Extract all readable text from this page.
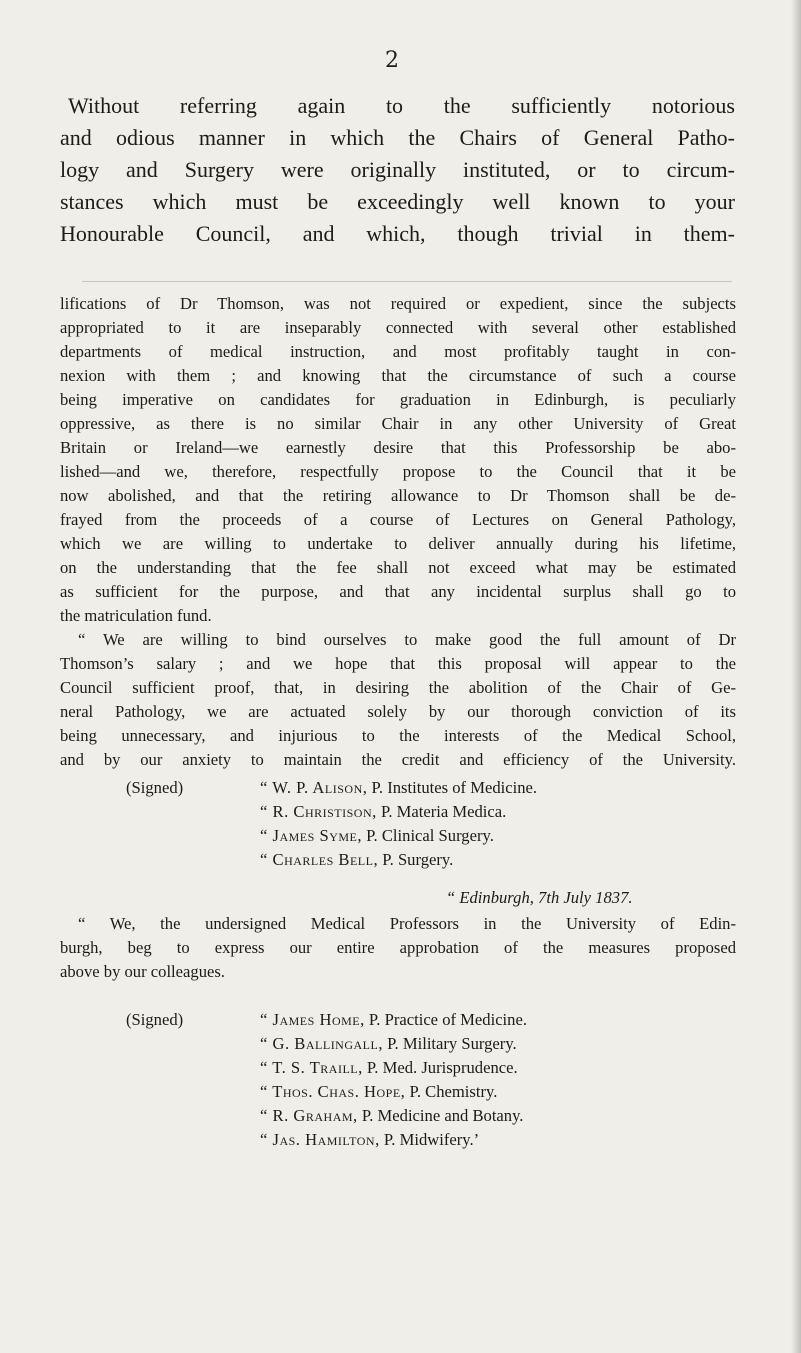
2
Without referring again to the sufficiently notorious
and odious manner in which the Chairs of General Patho-
logy and Surgery were originally instituted, or to circum-
stances which must be exceedingly well known to your
Honourable Council, and which, though trivial in them-
lifications of Dr Thomson, was not required or expedient, since the subjects
appropriated to it are inseparably connected with several other established
departments of medical instruction, and most profitably taught in con-
nexion with them ; and knowing that the circumstance of such a course
being imperative on candidates for graduation in Edinburgh, is peculiarly
oppressive, as there is no similar Chair in any other University of Great
Britain or Ireland—we earnestly desire that this Professorship be abo-
lished—and we, therefore, respectfully propose to the Council that it be
now abolished, and that the retiring allowance to Dr Thomson shall be de-
frayed from the proceeds of a course of Lectures on General Pathology,
which we are willing to undertake to deliver annually during his lifetime,
on the understanding that the fee shall not exceed what may be estimated
as sufficient for the purpose, and that any incidental surplus shall go to
the matriculation fund.
“ We are willing to bind ourselves to make good the full amount of Dr
Thomson’s salary ; and we hope that this proposal will appear to the
Council sufficient proof, that, in desiring the abolition of the Chair of Ge-
neral Pathology, we are actuated solely by our thorough conviction of its
being unnecessary, and injurious to the interests of the Medical School,
and by our anxiety to maintain the credit and efficiency of the University.
(Signed)	“ W. P. Alison, P. Institutes of Medicine.
“ R. Christison, P. Materia Medica.
“ James Syme, P. Clinical Surgery.
“ Charles Bell, P. Surgery.
“ Edinburgh, 7th July 1837.
“ We, the undersigned Medical Professors in the University of Edin-
burgh, beg to express our entire approbation of the measures proposed
above by our colleagues.
(Signed)	“ James Home, P. Practice of Medicine.
“ G. Ballingall, P. Military Surgery.
“ T. S. Traill, P. Med. Jurisprudence.
“ Thos. Chas. Hope, P. Chemistry.
“ R. Graham, P. Medicine and Botany.
“ Jas. Hamilton, P. Midwifery.’
